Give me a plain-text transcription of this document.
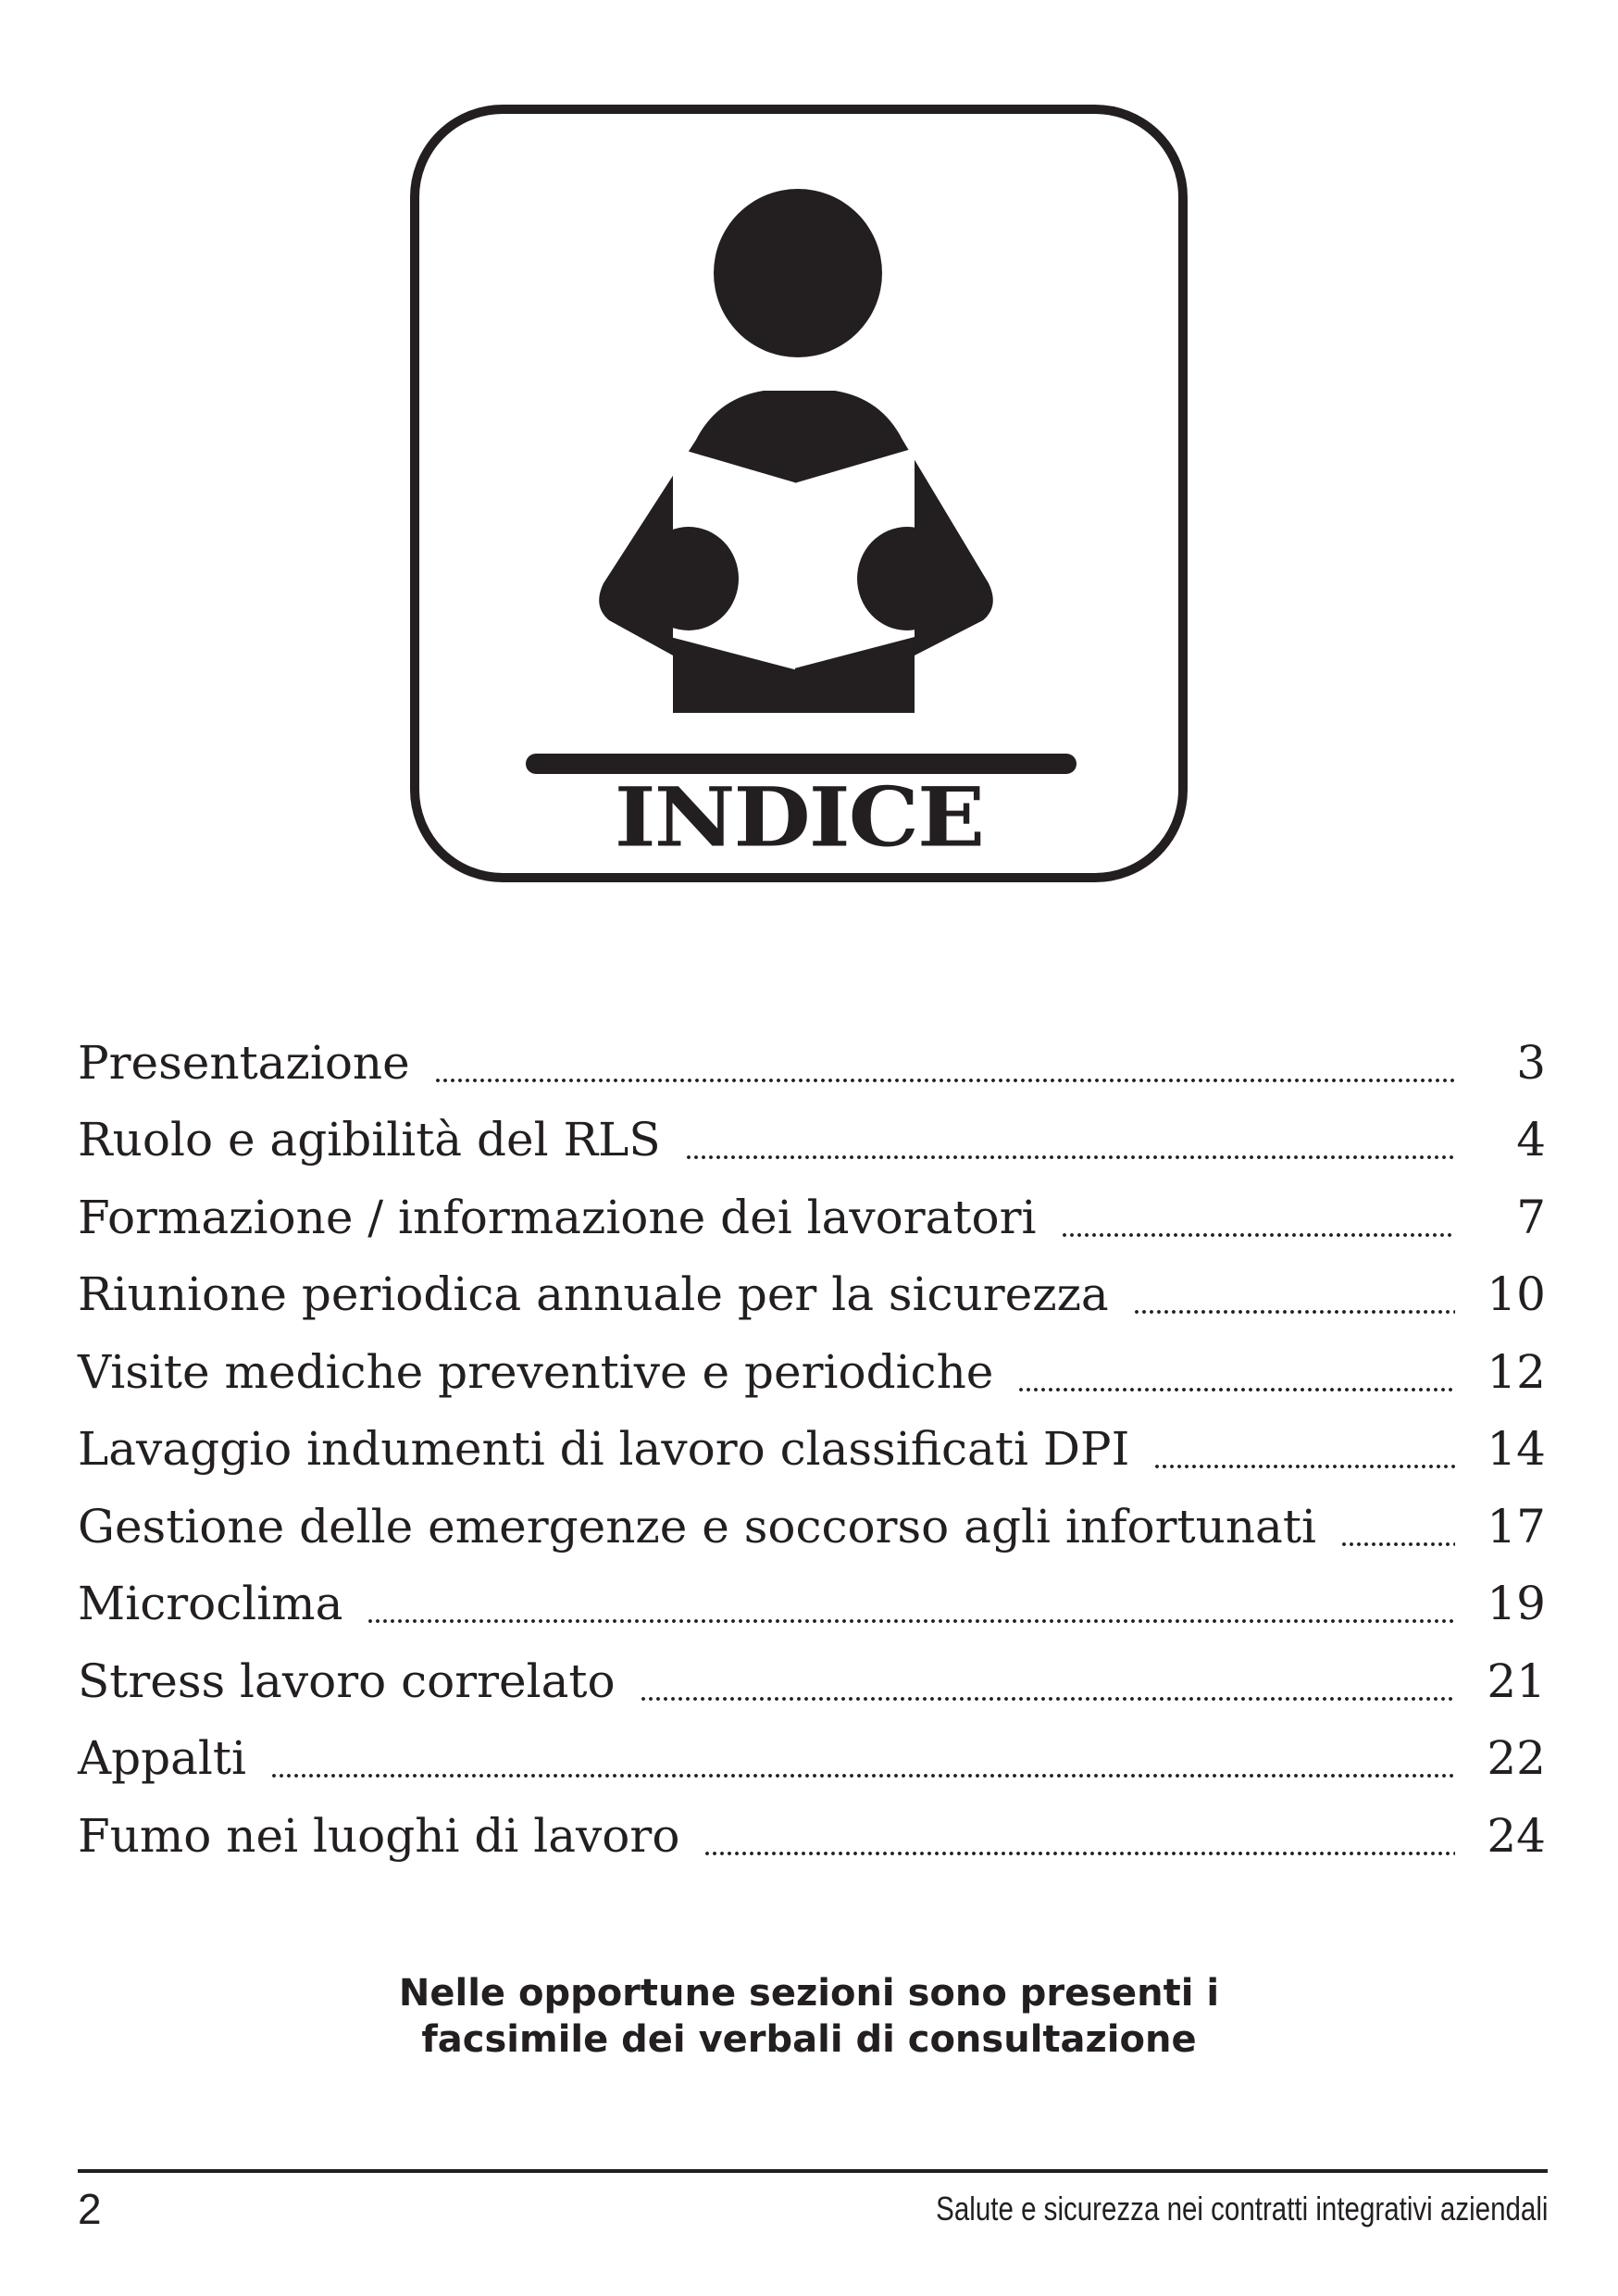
INDICE
Presentazione	3
Ruolo e agibilità del RLS	4
Formazione / informazione dei lavoratori	7
Riunione periodica annuale per la sicurezza	10
Visite mediche preventive e periodiche	12
Lavaggio indumenti di lavoro classificati DPI	14
Gestione delle emergenze e soccorso agli infortunati	17
Microclima	19
Stress lavoro correlato	21
Appalti	22
Fumo nei luoghi di lavoro	24
Nelle opportune sezioni sono presenti i
facsimile dei verbali di consultazione
2	Salute e sicurezza nei contratti integrativi aziendali
